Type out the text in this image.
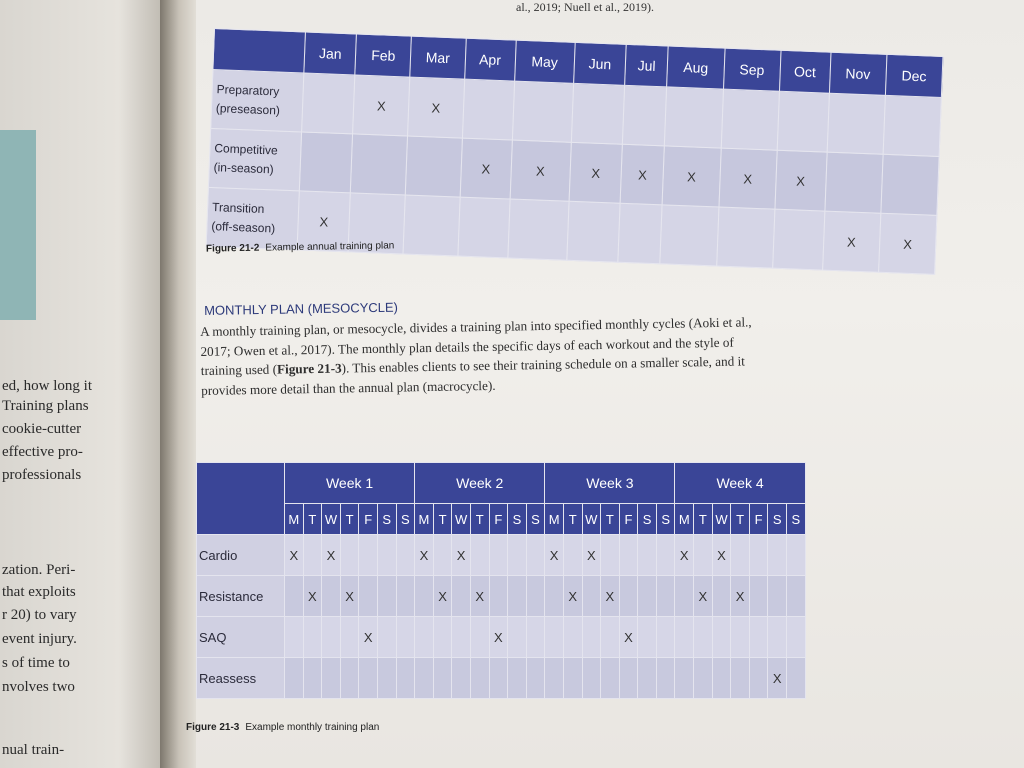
ed, how long it
Training plans
cookie-cutter
effective pro-
professionals
zation. Peri-
that exploits
r 20) to vary
event injury.
s of time to
nvolves two
nual train-
al., 2019; Nuell et al., 2019).
	Jan	Feb	Mar	Apr	May	Jun	Jul	Aug	Sep	Oct	Nov	Dec

Preparatory
(preseason)		X	X									

Competitive
(in-season)				X	X	X	X	X	X	X		

Transition
(off-season)	X										X	X
Figure 21-2 Example annual training plan
MONTHLY PLAN (MESOCYCLE)
A monthly training plan, or mesocycle, divides a training plan into specified monthly cycles (Aoki et al., 2017; Owen et al., 2017). The monthly plan details the specific days of each workout and the style of training used (Figure 21-3). This enables clients to see their training schedule on a smaller scale, and it provides more detail than the annual plan (macrocycle).
	Week 1							Week 2							Week 3							Week 4						
	M	T	W	T	F	S	S	M	T	W	T	F	S	S	M	T	W	T	F	S	S	M	T	W	T	F	S	S
Cardio	X		X					X		X					X		X					X		X				
Resistance		X		X					X		X					X		X					X		X			
SAQ					X							X							X									
Reassess																											X	
Figure 21-3 Example monthly training plan
